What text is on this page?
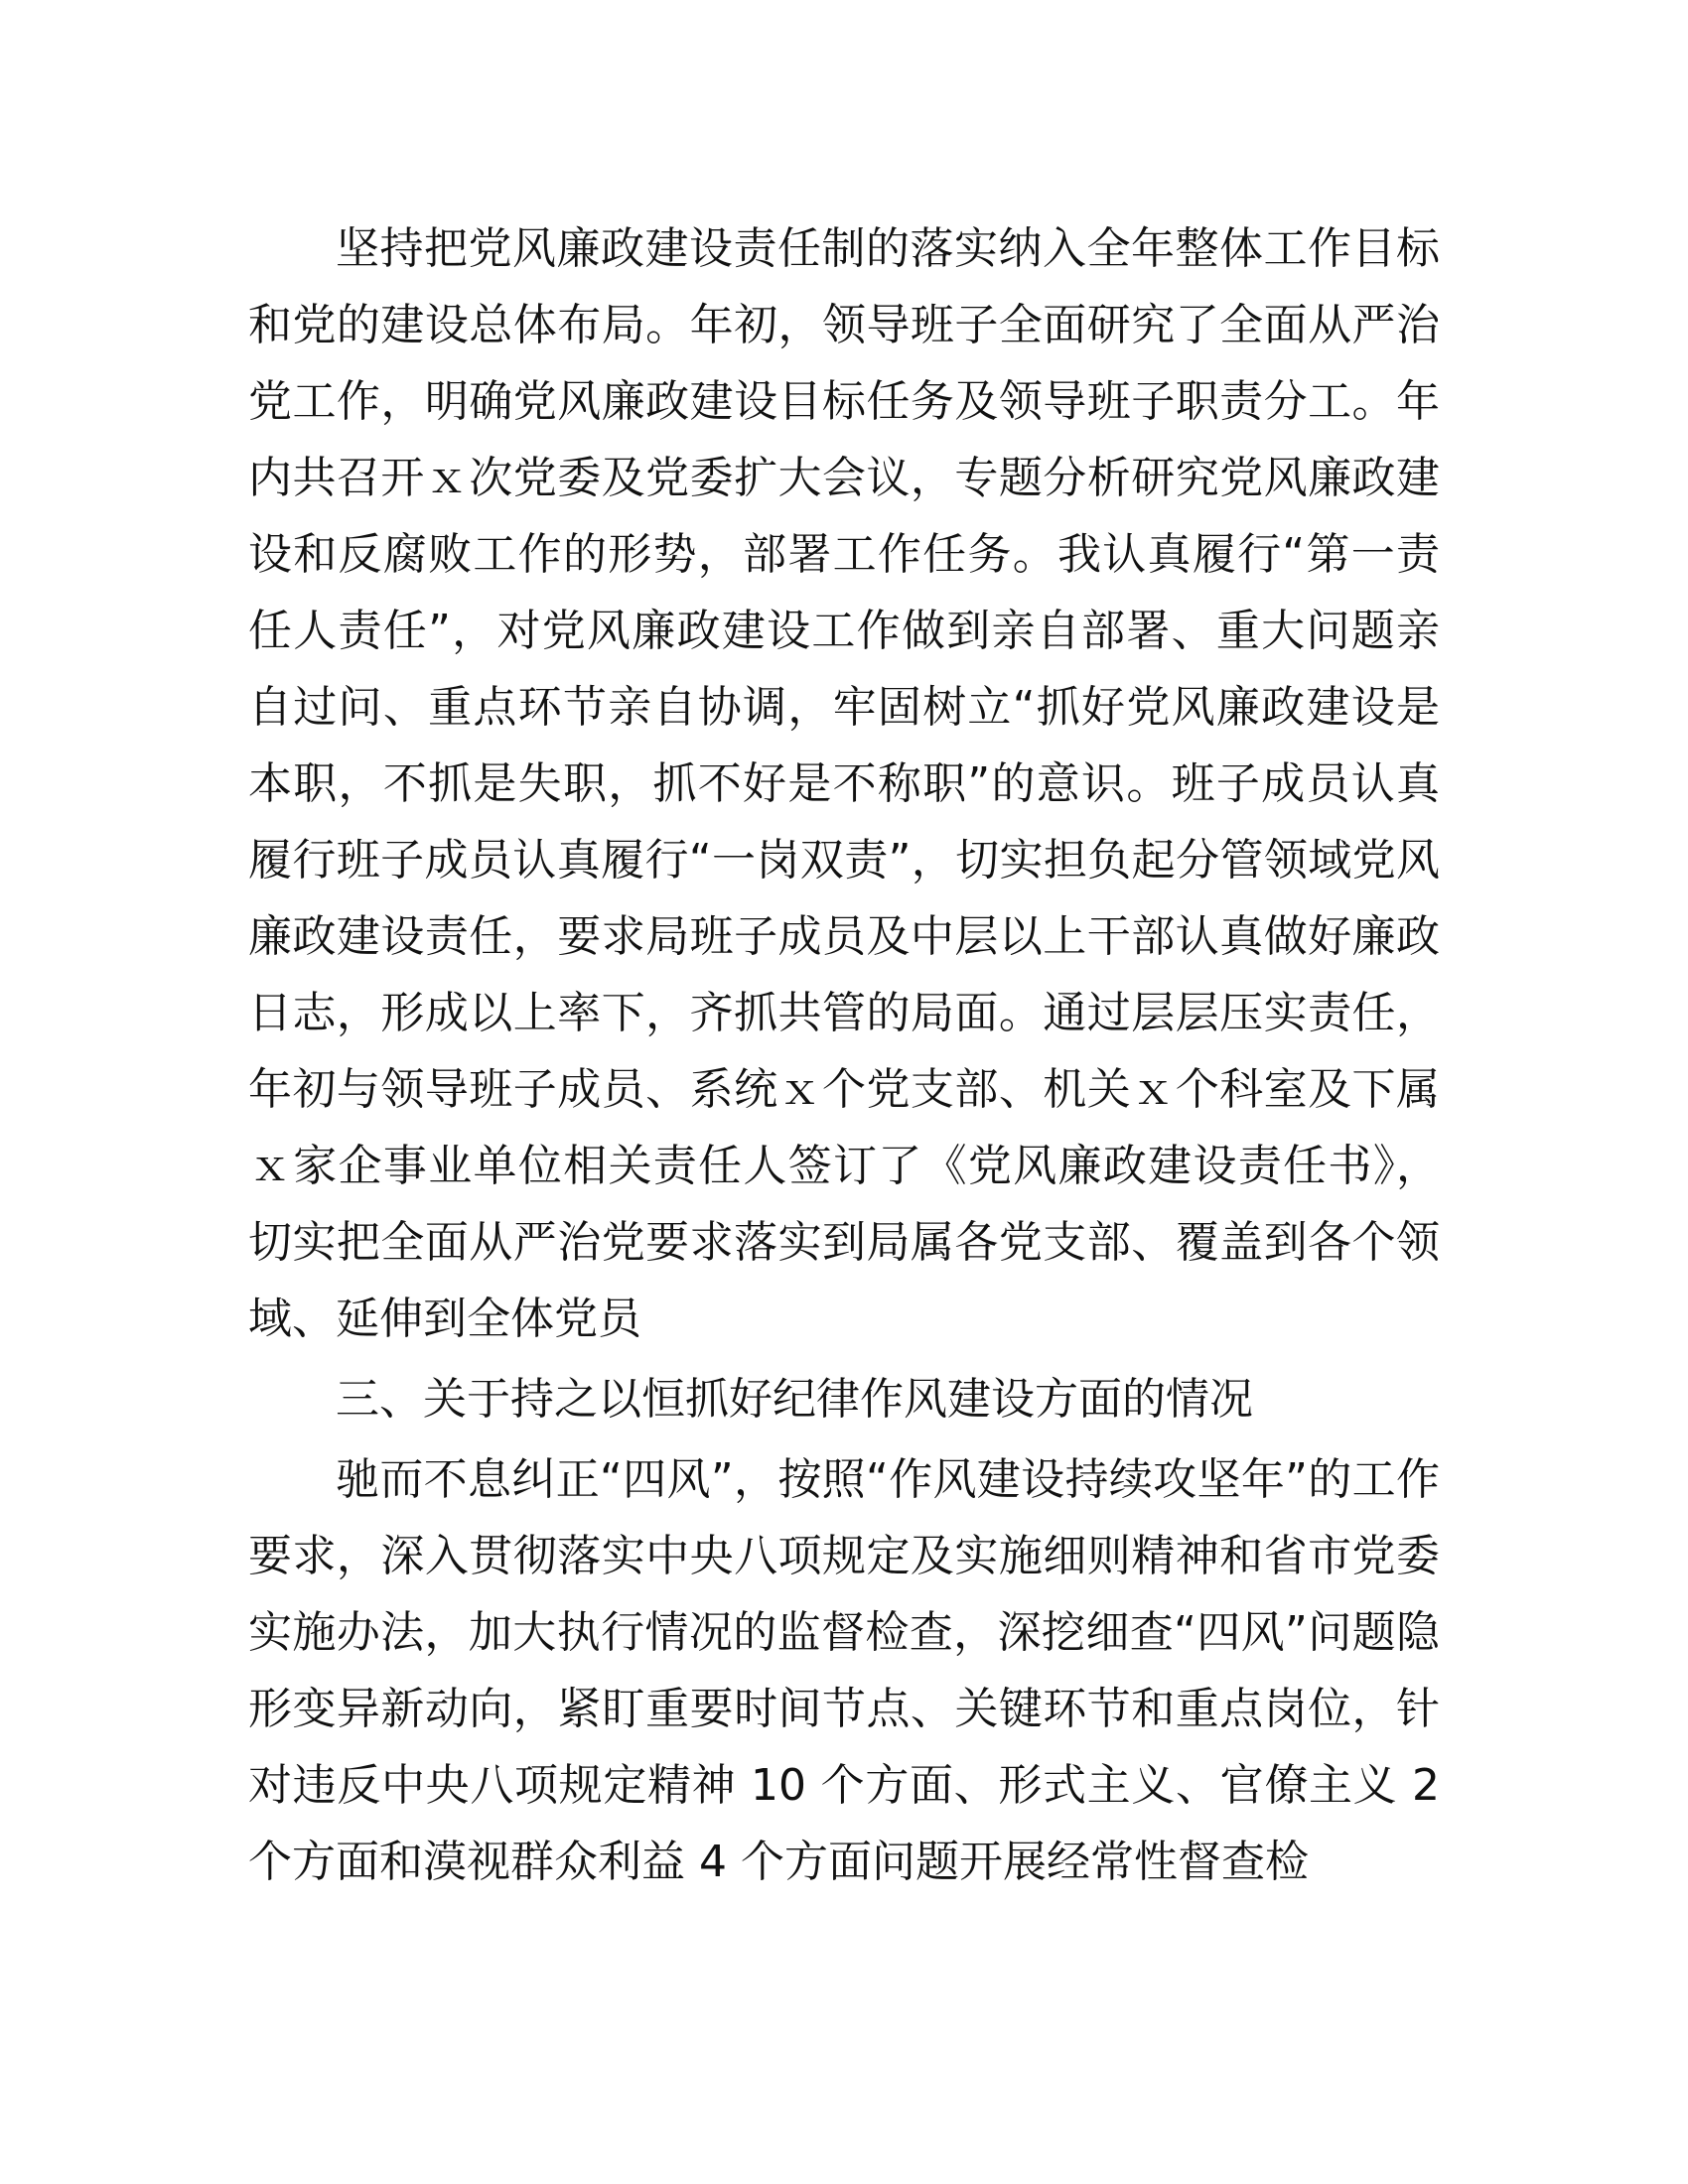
坚持把党风廉政建设责任制的落实纳入全年整体工作目标和党的建设总体布局。年初，领导班子全面研究了全面从严治党工作，明确党风廉政建设目标任务及领导班子职责分工。年内共召开ｘ次党委及党委扩大会议，专题分析研究党风廉政建设和反腐败工作的形势，部署工作任务。我认真履行“第一责任人责任”，对党风廉政建设工作做到亲自部署、重大问题亲自过问、重点环节亲自协调，牢固树立“抓好党风廉政建设是本职，不抓是失职，抓不好是不称职”的意识。班子成员认真履行班子成员认真履行“一岗双责”，切实担负起分管领域党风廉政建设责任，要求局班子成员及中层以上干部认真做好廉政日志，形成以上率下，齐抓共管的局面。通过层层压实责任，年初与领导班子成员、系统ｘ个党支部、机关ｘ个科室及下属ｘ家企事业单位相关责任人签订了《党风廉政建设责任书》，切实把全面从严治党要求落实到局属各党支部、覆盖到各个领域、延伸到全体党员

三、关于持之以恒抓好纪律作风建设方面的情况

驰而不息纠正“四风”，按照“作风建设持续攻坚年”的工作要求，深入贯彻落实中央八项规定及实施细则精神和省市党委实施办法，加大执行情况的监督检查，深挖细查“四风”问题隐形变异新动向，紧盯重要时间节点、关键环节和重点岗位，针对违反中央八项规定精神 10 个方面、形式主义、官僚主义 2 个方面和漠视群众利益 4 个方面问题开展经常性督查检
